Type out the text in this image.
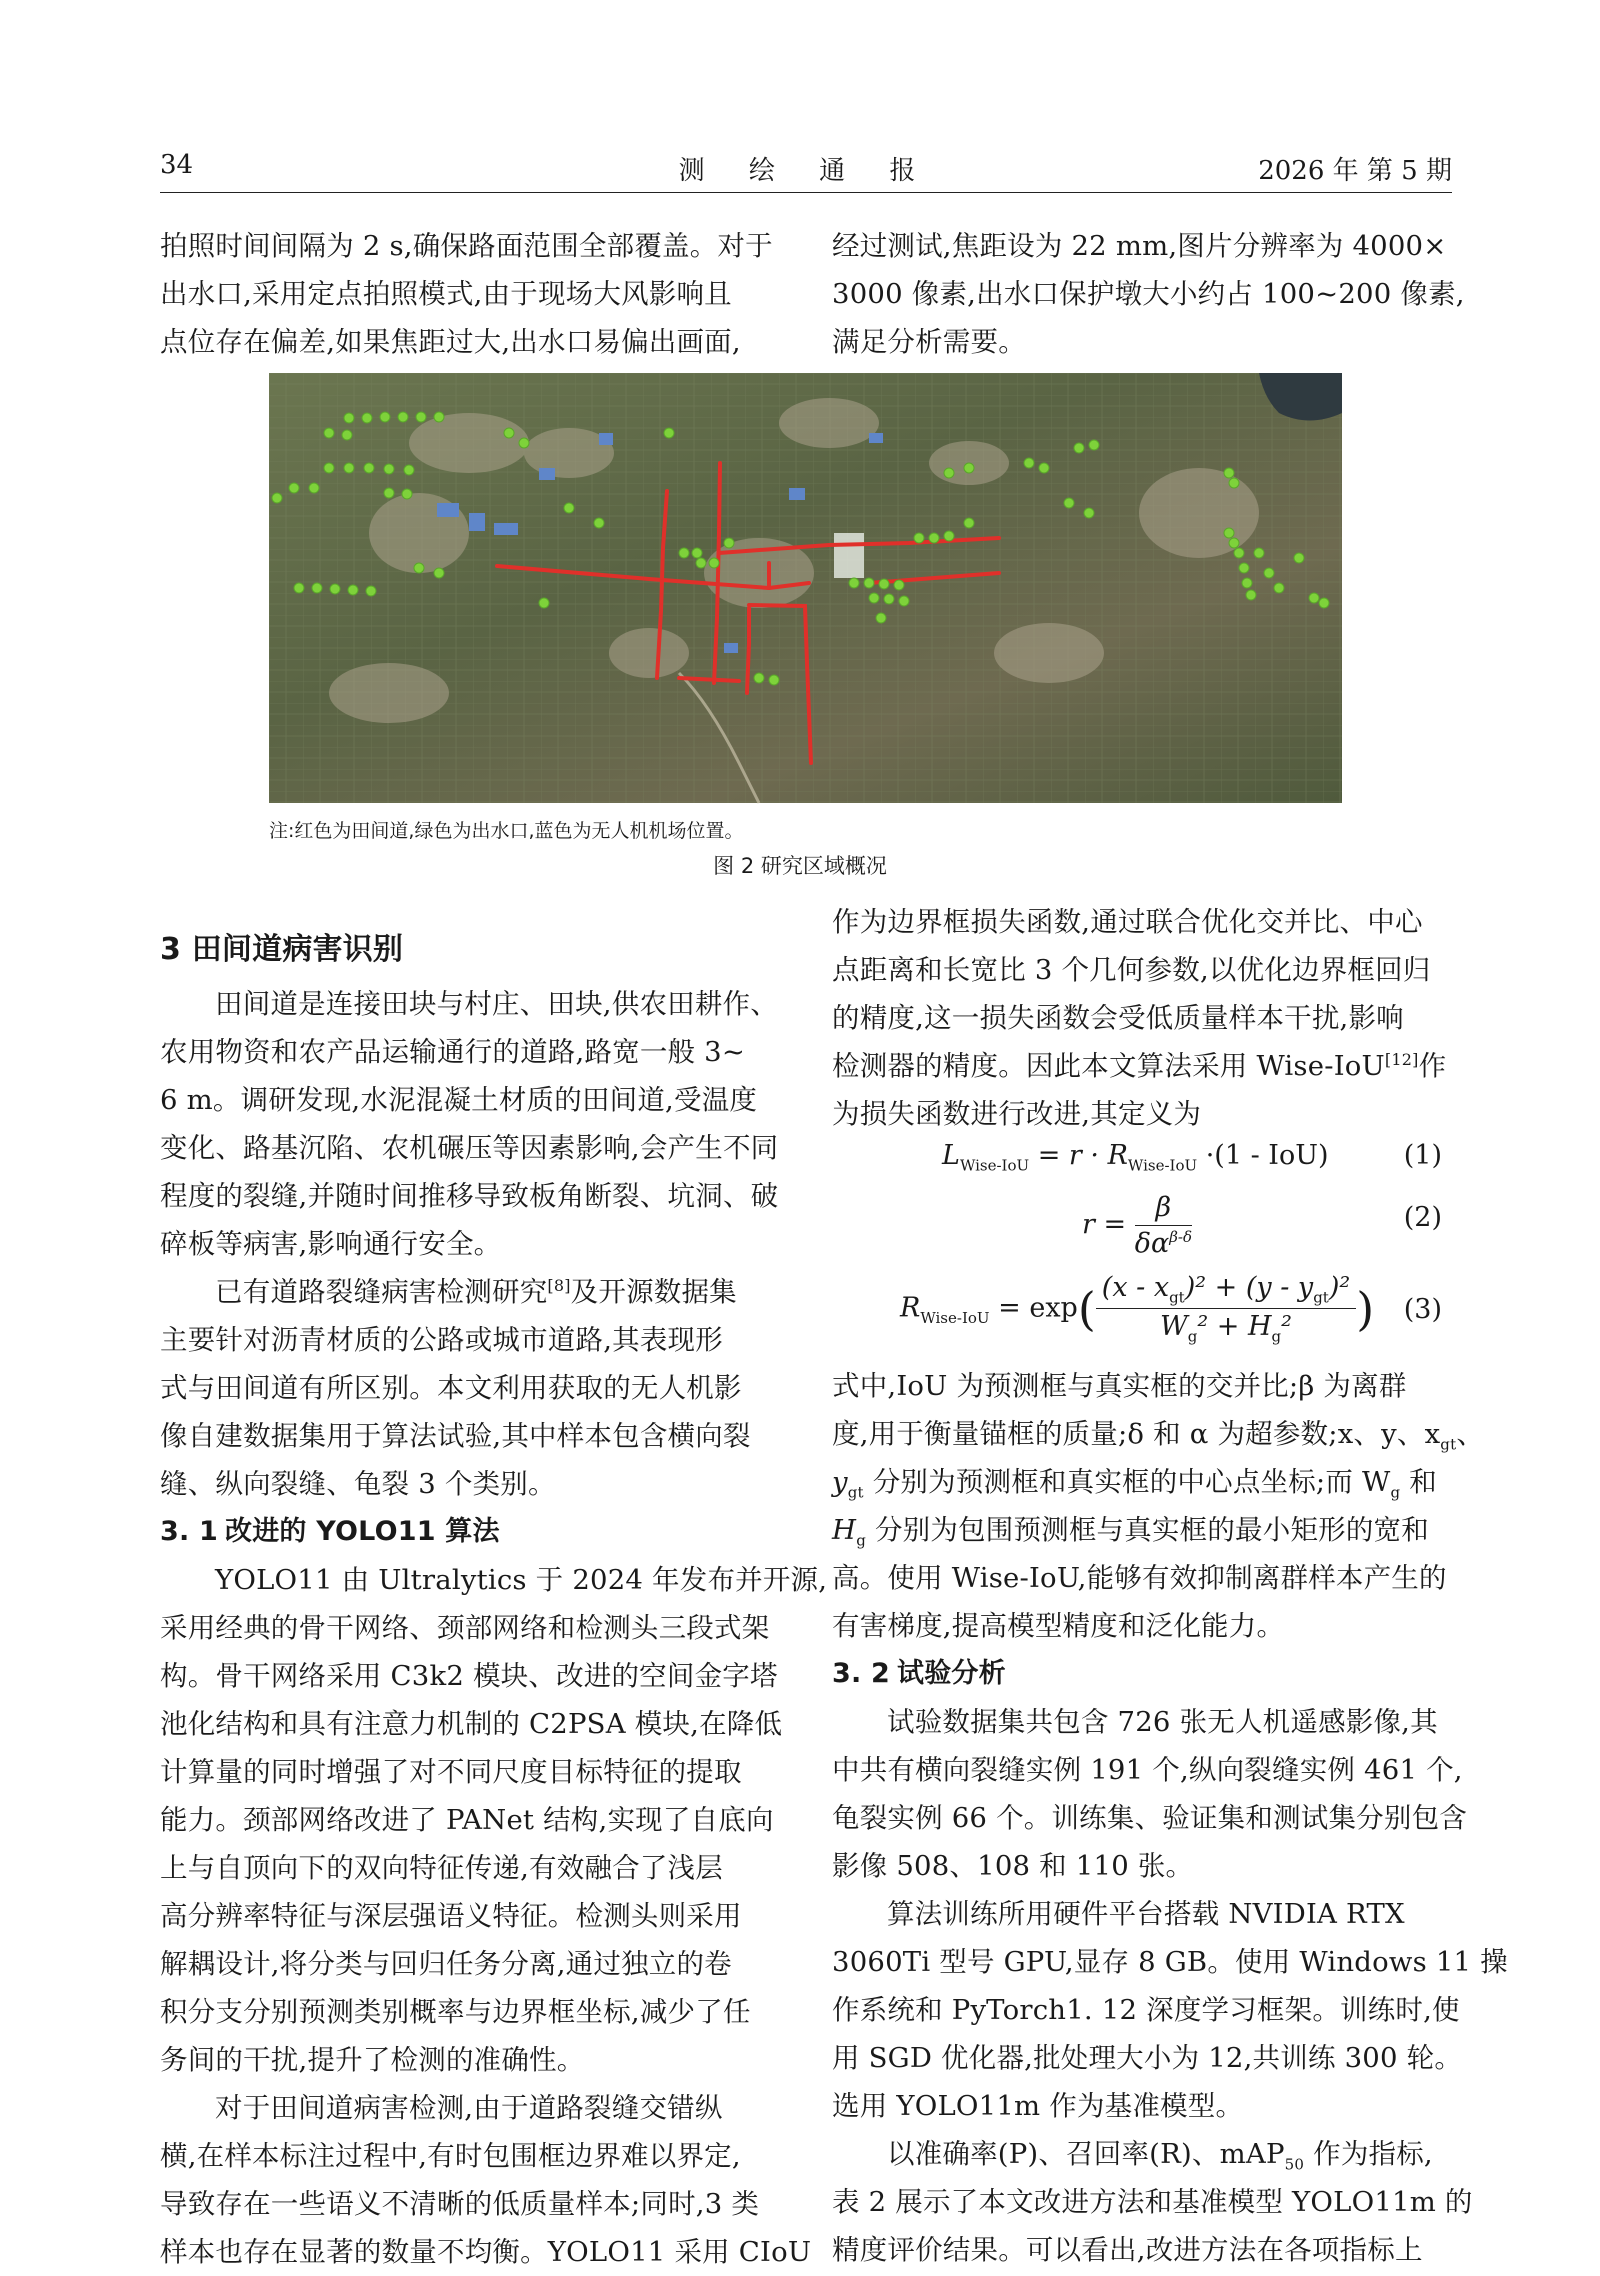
34	测 绘 通 报	2026 年 第 5 期
拍照时间间隔为 2 s,确保路面范围全部覆盖。对于
出水口,采用定点拍照模式,由于现场大风影响且
点位存在偏差,如果焦距过大,出水口易偏出画面,
经过测试,焦距设为 22 mm,图片分辨率为 4000×
3000 像素,出水口保护墩大小约占 100~200 像素,
满足分析需要。
注:红色为田间道,绿色为出水口,蓝色为无人机机场位置。
图 2 研究区域概况
3 田间道病害识别
田间道是连接田块与村庄、田块,供农田耕作、
农用物资和农产品运输通行的道路,路宽一般 3~
6 m。调研发现,水泥混凝土材质的田间道,受温度
变化、路基沉陷、农机碾压等因素影响,会产生不同
程度的裂缝,并随时间推移导致板角断裂、坑洞、破
碎板等病害,影响通行安全。
已有道路裂缝病害检测研究[8]及开源数据集
主要针对沥青材质的公路或城市道路,其表现形
式与田间道有所区别。本文利用获取的无人机影
像自建数据集用于算法试验,其中样本包含横向裂
缝、纵向裂缝、龟裂 3 个类别。
3. 1 改进的 YOLO11 算法
YOLO11 由 Ultralytics 于 2024 年发布并开源,
采用经典的骨干网络、颈部网络和检测头三段式架
构。骨干网络采用 C3k2 模块、改进的空间金字塔
池化结构和具有注意力机制的 C2PSA 模块,在降低
计算量的同时增强了对不同尺度目标特征的提取
能力。颈部网络改进了 PANet 结构,实现了自底向
上与自顶向下的双向特征传递,有效融合了浅层
高分辨率特征与深层强语义特征。检测头则采用
解耦设计,将分类与回归任务分离,通过独立的卷
积分支分别预测类别概率与边界框坐标,减少了任
务间的干扰,提升了检测的准确性。
对于田间道病害检测,由于道路裂缝交错纵
横,在样本标注过程中,有时包围框边界难以界定,
导致存在一些语义不清晰的低质量样本;同时,3 类
样本也存在显著的数量不均衡。YOLO11 采用 CIoU
作为边界框损失函数,通过联合优化交并比、中心
点距离和长宽比 3 个几何参数,以优化边界框回归
的精度,这一损失函数会受低质量样本干扰,影响
检测器的精度。因此本文算法采用 Wise-IoU[12]作
为损失函数进行改进,其定义为
$L_{Wise-IoU} = r \cdot R_{Wise-IoU} \cdot(1 - IoU)$	(1)
$r = \frac{\beta}{\delta\alpha^{\beta-\delta}}$	(2)
$R_{Wise-IoU} = \exp( \frac{(x - x_{gt})^2 + (y - y_{gt})^2}{W_g^2 + H_g^2}$ ) (3)
式中,IoU 为预测框与真实框的交并比;β 为离群
度,用于衡量锚框的质量;δ 和 α 为超参数;x、y、$x_{gt}$、
$y_{gt}$ 分别为预测框和真实框的中心点坐标;而 $W_g$ 和
$H_g$ 分别为包围预测框与真实框的最小矩形的宽和
高。使用 Wise-IoU,能够有效抑制离群样本产生的
有害梯度,提高模型精度和泛化能力。
3. 2 试验分析
试验数据集共包含 726 张无人机遥感影像,其
中共有横向裂缝实例 191 个,纵向裂缝实例 461 个,
龟裂实例 66 个。训练集、验证集和测试集分别包含
影像 508、108 和 110 张。
算法训练所用硬件平台搭载 NVIDIA RTX
3060Ti 型号 GPU,显存 8 GB。使用 Windows 11 操
作系统和 PyTorch1. 12 深度学习框架。训练时,使
用 SGD 优化器,批处理大小为 12,共训练 300 轮。
选用 YOLO11m 作为基准模型。
以准确率(P)、召回率(R)、mAP$_{50}$ 作为指标,
表 2 展示了本文改进方法和基准模型 YOLO11m 的
精度评价结果。可以看出,改进方法在各项指标上
